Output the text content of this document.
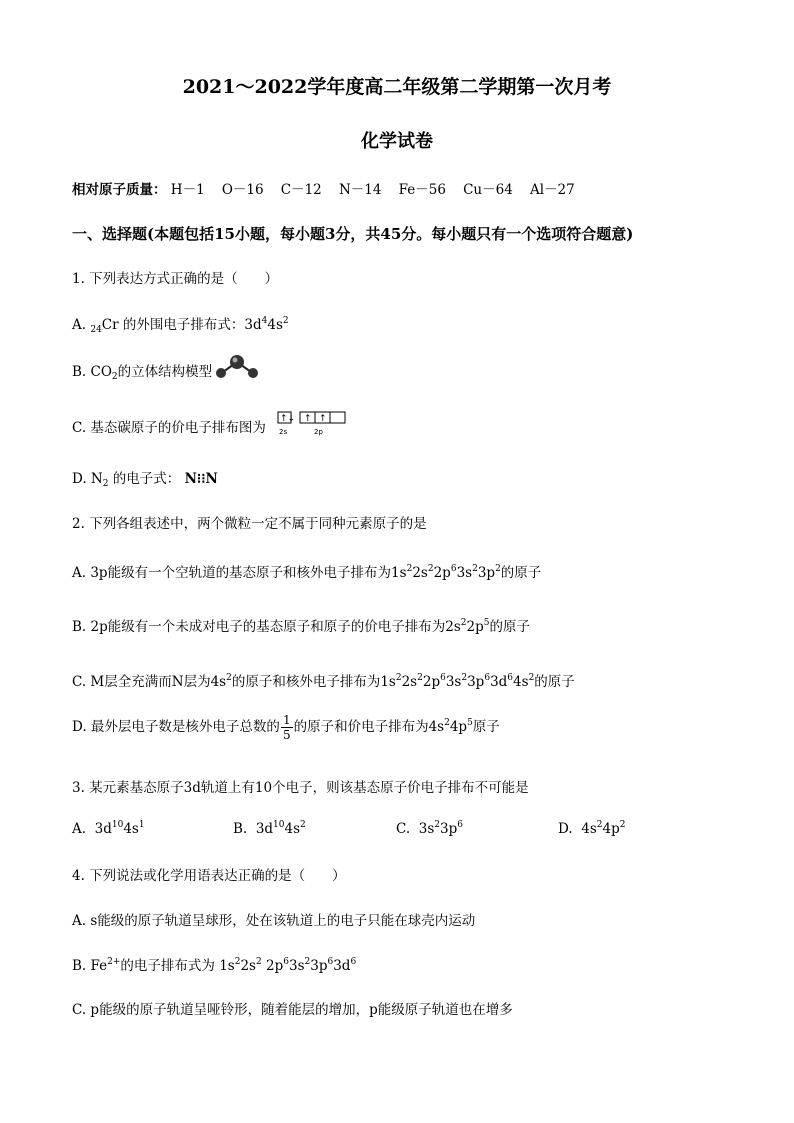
2021～2022学年度高二年级第二学期第一次月考
化学试卷
相对原子质量： H－1 O－16 C－12 N－14 Fe－56 Cu－64 Al－27
一、选择题(本题包括15小题，每小题3分，共45分。每小题只有一个选项符合题意)
1. 下列表达方式正确的是（　　）
A. $_{24}$Cr 的外围电子排布式：$3d^44s^2$
B. $CO_2$的立体结构模型
C. 基态碳原子的价电子排布图为
↑↓ ↑ ↑
2s	2p
D. $N_2$ 的电子式： N⁝⁝N
2. 下列各组表述中，两个微粒一定不属于同种元素原子的是
A. 3p能级有一个空轨道的基态原子和核外电子排布为$1s^22s^22p^63s^23p^2$的原子
B. 2p能级有一个未成对电子的基态原子和原子的价电子排布为$2s^22p^5$的原子
C. M层全充满而N层为$4s^2$的原子和核外电子排布为$1s^22s^22p^63s^23p^63d^64s^2$的原子
D. 最外层电子数是核外电子总数的 $\frac{1}{5}$ 的原子和价电子排布为$4s^24p^5$原子
3. 某元素基态原子3d轨道上有10个电子，则该基态原子价电子排布不可能是
A. $3d^{10}4s^1$	B. $3d^{10}4s^2$	C. $3s^23p^6$	D. $4s^24p^2$
4. 下列说法或化学用语表达正确的是（　　）
A. s能级的原子轨道呈球形，处在该轨道上的电子只能在球壳内运动
B. $Fe^{2+}$的电子排布式为 $1s^22s^2$ $2p^63s^23p^63d^6$
C. p能级的原子轨道呈哑铃形，随着能层的增加，p能级原子轨道也在增多
